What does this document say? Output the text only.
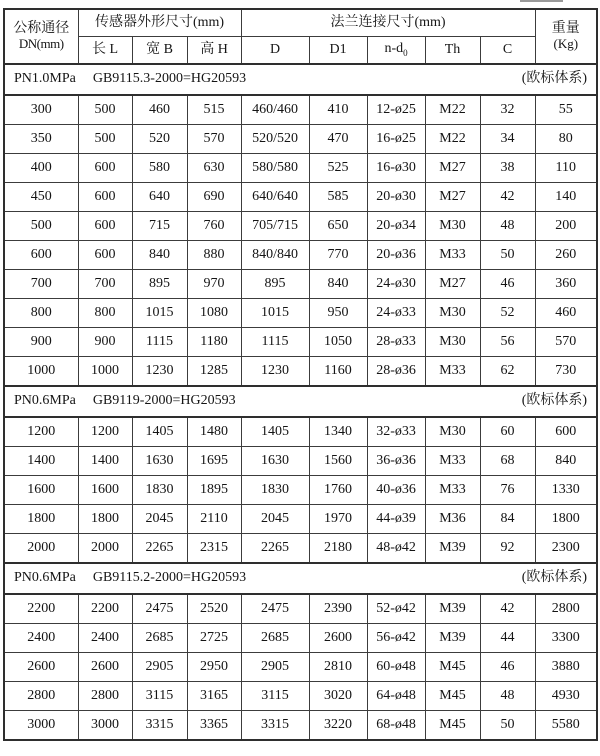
公称通径
DN(mm)
	传感器外形尺寸(mm)	法兰连接尺寸(mm)	重量
(Kg)

	长 L	宽 B	高 H	D	D1	$n-d_0$	Th	C	

PN1.0MPa GB9115.3-2000=HG20593 (欧标体系)									

300	500	460	515	460/460	410	12-ø25	M22	32	55
350	500	520	570	520/520	470	16-ø25	M22	34	80
400	600	580	630	580/580	525	16-ø30	M27	38	110
450	600	640	690	640/640	585	20-ø30	M27	42	140
500	600	715	760	705/715	650	20-ø34	M30	48	200
600	600	840	880	840/840	770	20-ø36	M33	50	260
700	700	895	970	895	840	24-ø30	M27	46	360
800	800	1015	1080	1015	950	24-ø33	M30	52	460
900	900	1115	1180	1115	1050	28-ø33	M30	56	570
1000	1000	1230	1285	1230	1160	28-ø36	M33	62	730

PN0.6MPa GB9119-2000=HG20593 (欧标体系)									

1200	1200	1405	1480	1405	1340	32-ø33	M30	60	600
1400	1400	1630	1695	1630	1560	36-ø36	M33	68	840
1600	1600	1830	1895	1830	1760	40-ø36	M33	76	1330
1800	1800	2045	2110	2045	1970	44-ø39	M36	84	1800
2000	2000	2265	2315	2265	2180	48-ø42	M39	92	2300

PN0.6MPa GB9115.2-2000=HG20593 (欧标体系)									

2200	2200	2475	2520	2475	2390	52-ø42	M39	42	2800
2400	2400	2685	2725	2685	2600	56-ø42	M39	44	3300
2600	2600	2905	2950	2905	2810	60-ø48	M45	46	3880
2800	2800	3115	3165	3115	3020	64-ø48	M45	48	4930
3000	3000	3315	3365	3315	3220	68-ø48	M45	50	5580
